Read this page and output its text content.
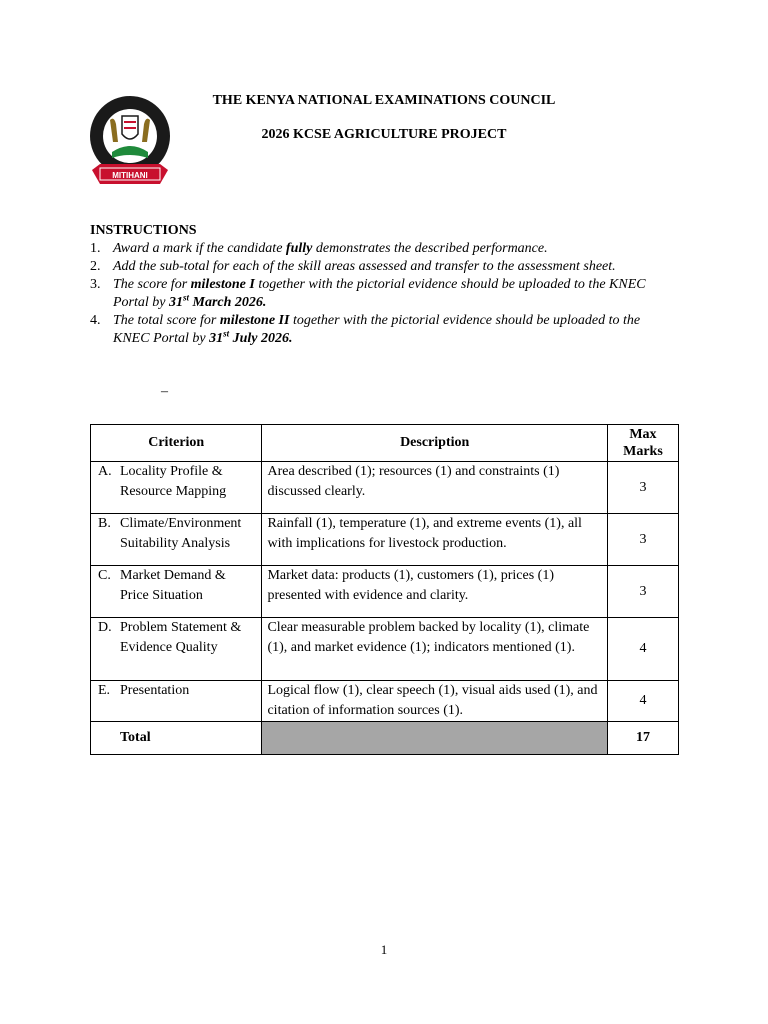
MITIHANI
THE KENYA NATIONAL EXAMINATIONS COUNCIL
2026 KCSE AGRICULTURE PROJECT
INSTRUCTIONS
1. Award a mark if the candidate fully demonstrates the described performance.
2. Add the sub-total for each of the skill areas assessed and transfer to the assessment sheet.
3. The score for milestone I together with the pictorial evidence should be uploaded to the KNEC Portal by 31st March 2026.
4. The total score for milestone II together with the pictorial evidence should be uploaded to the KNEC Portal by 31st July 2026.
–
Criterion	Description	Max Marks

A. Locality Profile & Resource Mapping	Area described (1); resources (1) and constraints (1) discussed clearly.	3

B. Climate/Environment Suitability Analysis	Rainfall (1), temperature (1), and extreme events (1), all with implications for livestock production.	3

C. Market Demand & Price Situation	Market data: products (1), customers (1), prices (1) presented with evidence and clarity.	3

D. Problem Statement & Evidence Quality	Clear measurable problem backed by locality (1), climate (1), and market evidence (1); indicators mentioned (1).	4

E. Presentation	Logical flow (1), clear speech (1), visual aids used (1), and citation of information sources (1).	4
Total		17
1
